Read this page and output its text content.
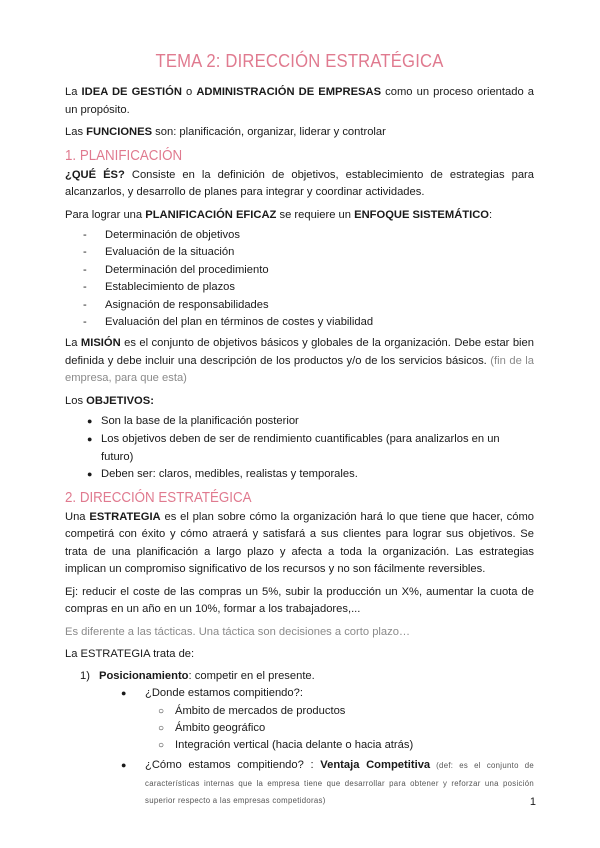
TEMA 2: DIRECCIÓN ESTRATÉGICA

La IDEA DE GESTIÓN o ADMINISTRACIÓN DE EMPRESAS como un proceso orientado a un propósito.

Las FUNCIONES son: planificación, organizar, liderar y controlar

1. PLANIFICACIÓN

¿QUÉ ÉS? Consiste en la definición de objetivos, establecimiento de estrategias para alcanzarlos, y desarrollo de planes para integrar y coordinar actividades.

Para lograr una PLANIFICACIÓN EFICAZ se requiere un ENFOQUE SISTEMÁTICO:

- Determinación de objetivos
- Evaluación de la situación
- Determinación del procedimiento
- Establecimiento de plazos
- Asignación de responsabilidades
- Evaluación del plan en términos de costes y viabilidad

La MISIÓN es el conjunto de objetivos básicos y globales de la organización. Debe estar bien definida y debe incluir una descripción de los productos y/o de los servicios básicos. (fin de la empresa, para que esta)

Los OBJETIVOS:

● Son la base de la planificación posterior
● Los objetivos deben de ser de rendimiento cuantificables (para analizarlos en un futuro)
● Deben ser: claros, medibles, realistas y temporales.
2. DIRECCIÓN ESTRATÉGICA

Una ESTRATEGIA es el plan sobre cómo la organización hará lo que tiene que hacer, cómo competirá con éxito y cómo atraerá y satisfará a sus clientes para lograr sus objetivos. Se trata de una planificación a largo plazo y afecta a toda la organización. Las estrategias implican un compromiso significativo de los recursos y no son fácilmente reversibles.

Ej: reducir el coste de las compras un 5%, subir la producción un X%, aumentar la cuota de compras en un año en un 10%, formar a los trabajadores,...

Es diferente a las tácticas. Una táctica son decisiones a corto plazo…

La ESTRATEGIA trata de:

1) Posicionamiento: competir en el presente.
● ¿Donde estamos compitiendo?:
○ Ámbito de mercados de productos
○ Ámbito geográfico
○ Integración vertical (hacia delante o hacia atrás)
● ¿Cómo estamos compitiendo? : Ventaja Competitiva (def: es el conjunto de características internas que la empresa tiene que desarrollar para obtener y reforzar una posición superior respecto a las empresas competidoras)	1
